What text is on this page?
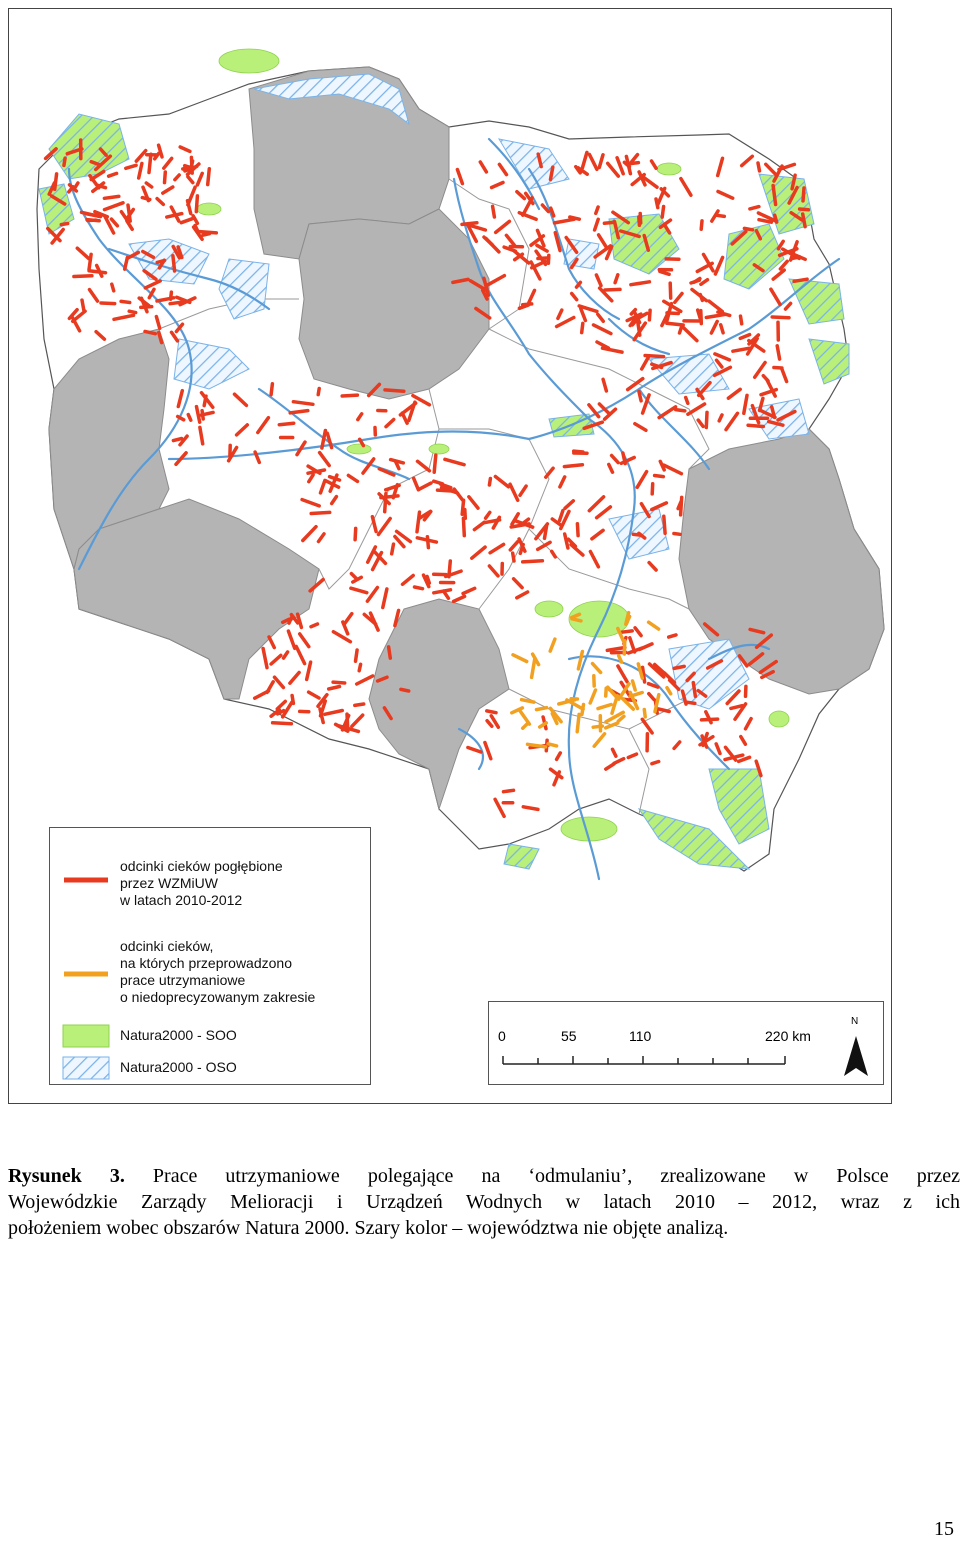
odcinki cieków pogłębione
przez WZMiUW
w latach 2010-2012
odcinki cieków,
na których przeprowadzono
prace utrzymaniowe
o niedoprecyzowanym zakresie
Natura2000 - SOO
Natura2000 - OSO
0	55	110	220 km
N
Rysunek 3. Prace utrzymaniowe polegające na ‘odmulaniu’, zrealizowane w Polsce przez
Wojewódzkie Zarządy Melioracji i Urządzeń Wodnych w latach 2010 – 2012, wraz z ich
położeniem wobec obszarów Natura 2000. Szary kolor – województwa nie objęte analizą.
15
